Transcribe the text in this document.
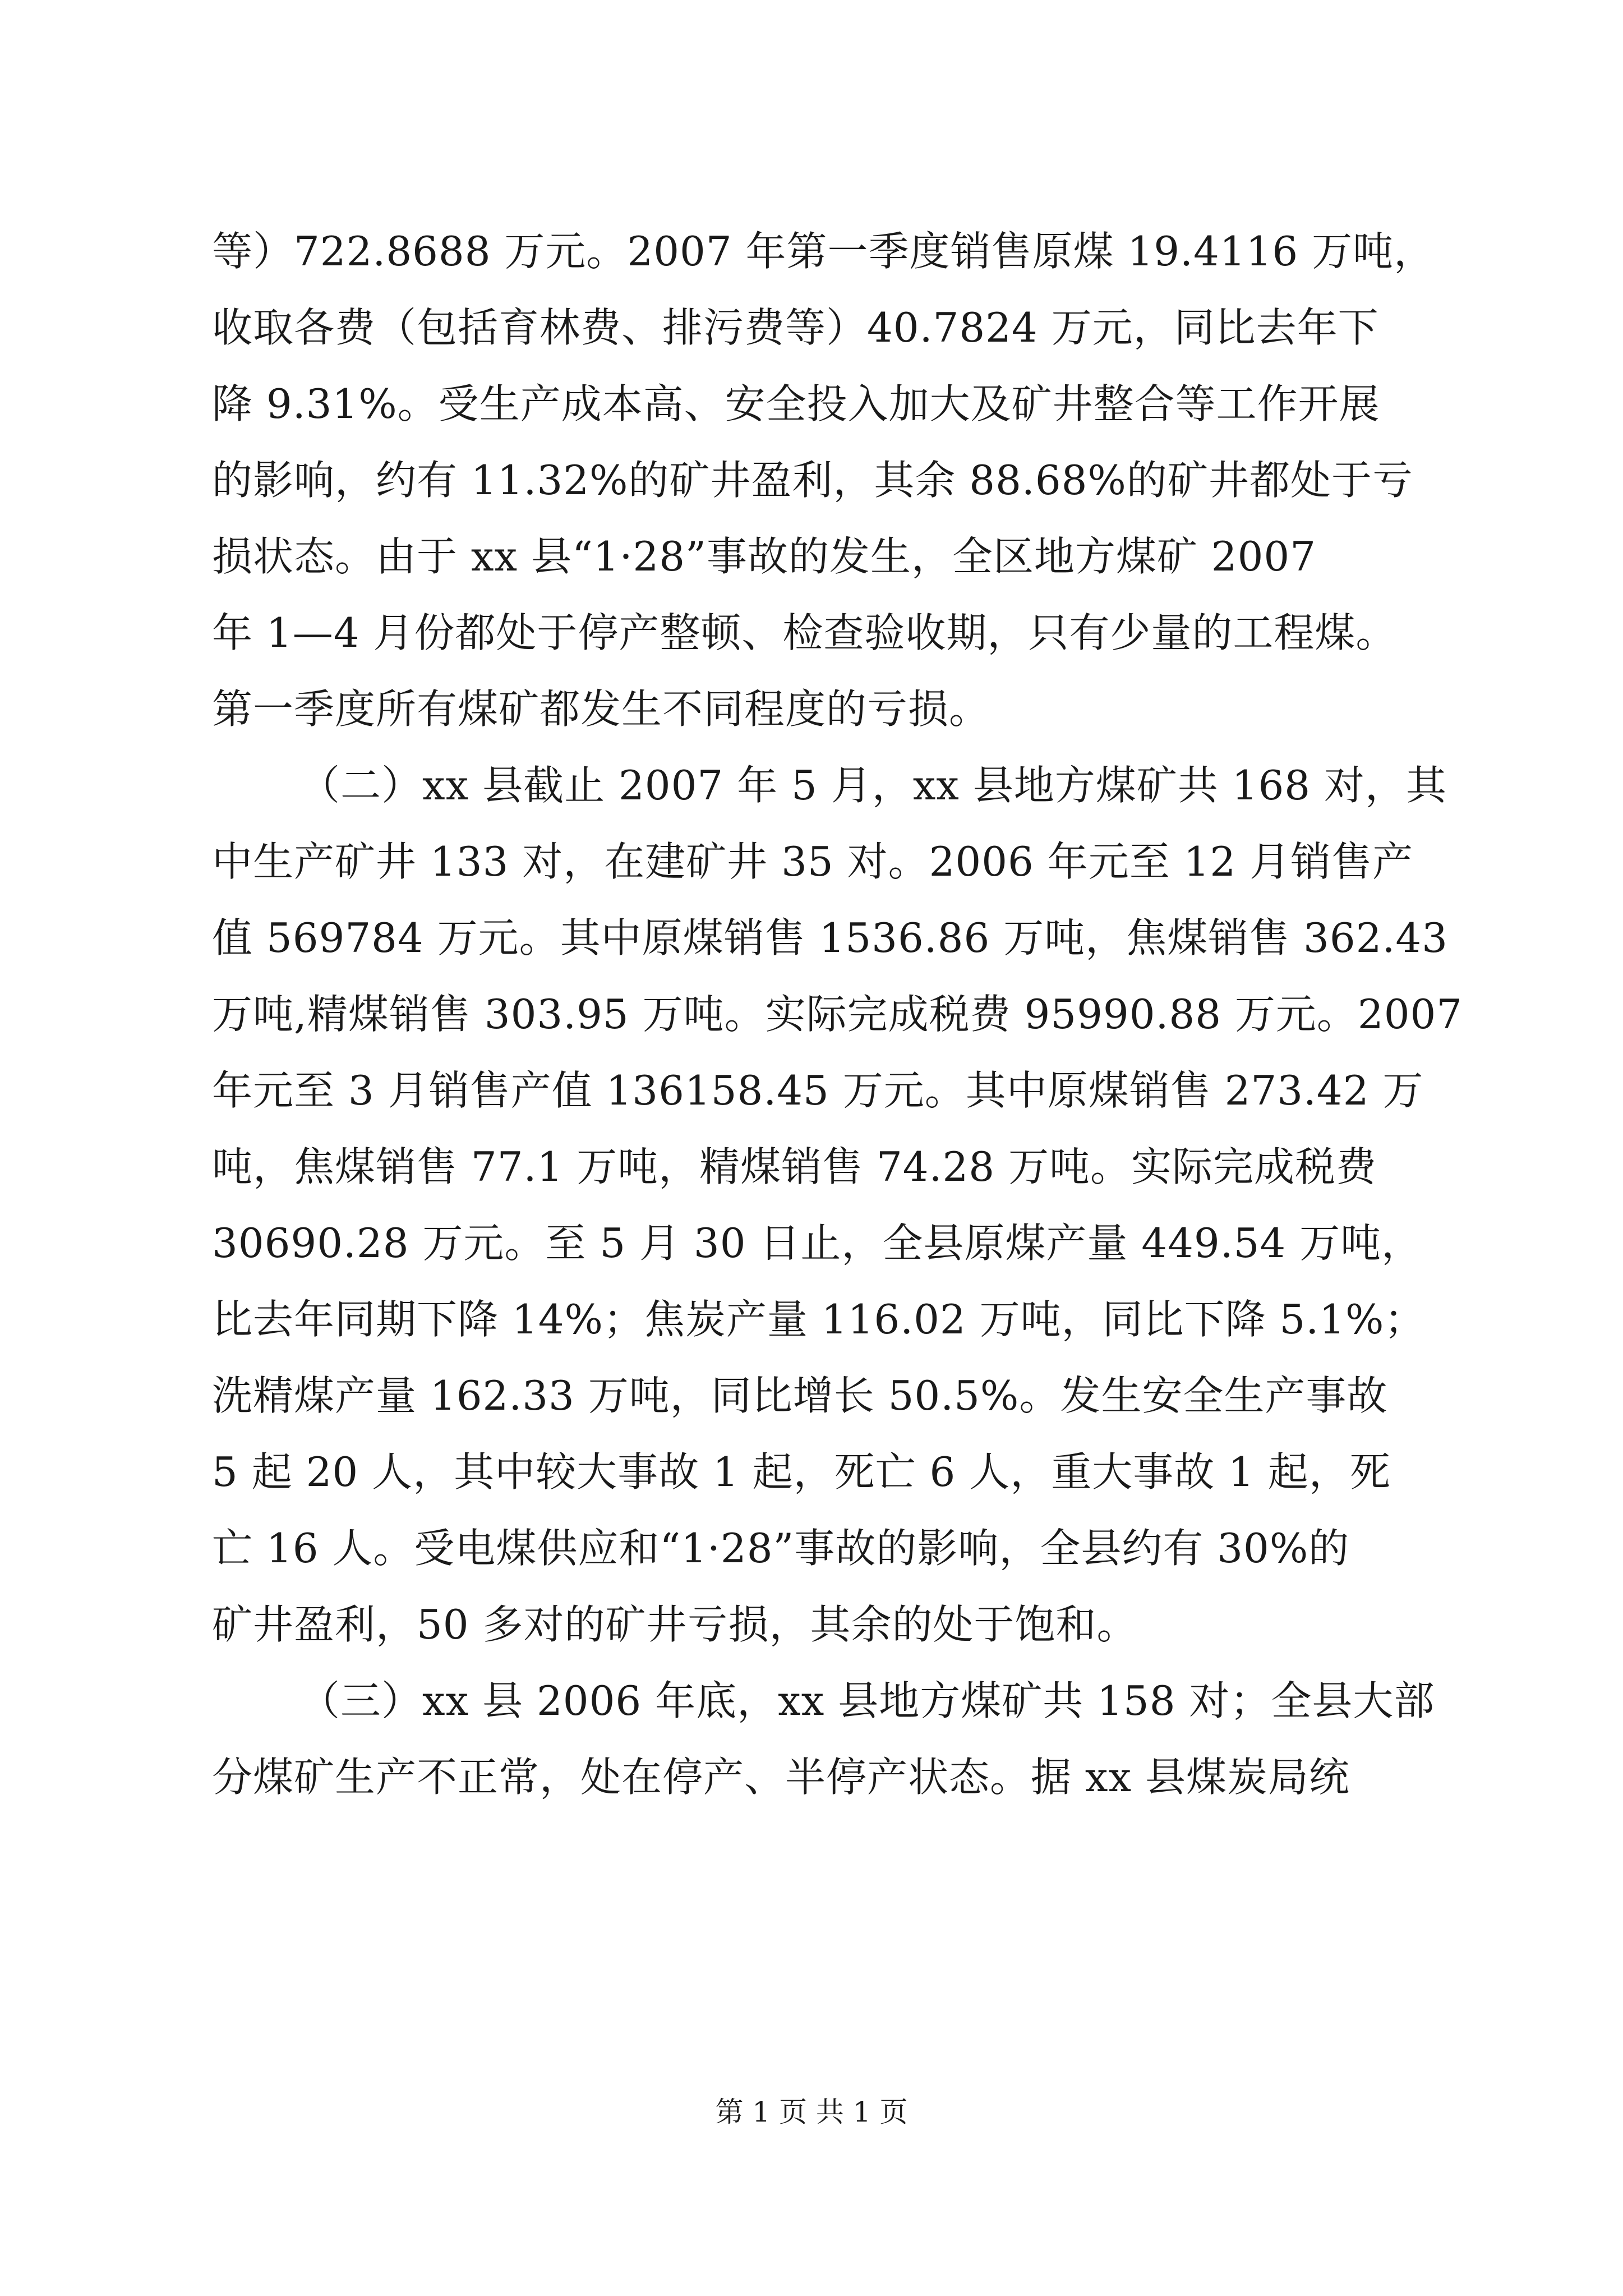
等）722.8688 万元。2007 年第一季度销售原煤 19.4116 万吨，
收取各费（包括育林费、排污费等）40.7824 万元，同比去年下
降 9.31%。受生产成本高、安全投入加大及矿井整合等工作开展
的影响，约有 11.32%的矿井盈利，其余 88.68%的矿井都处于亏
损状态。由于 xx 县“1·28”事故的发生，全区地方煤矿 2007
年 1—4 月份都处于停产整顿、检查验收期，只有少量的工程煤。
第一季度所有煤矿都发生不同程度的亏损。
（二）xx 县截止 2007 年 5 月，xx 县地方煤矿共 168 对，其
中生产矿井 133 对，在建矿井 35 对。2006 年元至 12 月销售产
值 569784 万元。其中原煤销售 1536.86 万吨，焦煤销售 362.43
万吨,精煤销售 303.95 万吨。实际完成税费 95990.88 万元。2007
年元至 3 月销售产值 136158.45 万元。其中原煤销售 273.42 万
吨，焦煤销售 77.1 万吨，精煤销售 74.28 万吨。实际完成税费
30690.28 万元。至 5 月 30 日止，全县原煤产量 449.54 万吨，
比去年同期下降 14%；焦炭产量 116.02 万吨，同比下降 5.1%；
洗精煤产量 162.33 万吨，同比增长 50.5%。发生安全生产事故
5 起 20 人，其中较大事故 1 起，死亡 6 人，重大事故 1 起，死
亡 16 人。受电煤供应和“1·28”事故的影响，全县约有 30%的
矿井盈利，50 多对的矿井亏损，其余的处于饱和。
（三）xx 县 2006 年底，xx 县地方煤矿共 158 对；全县大部
分煤矿生产不正常，处在停产、半停产状态。据 xx 县煤炭局统
第 1 页 共 1 页
